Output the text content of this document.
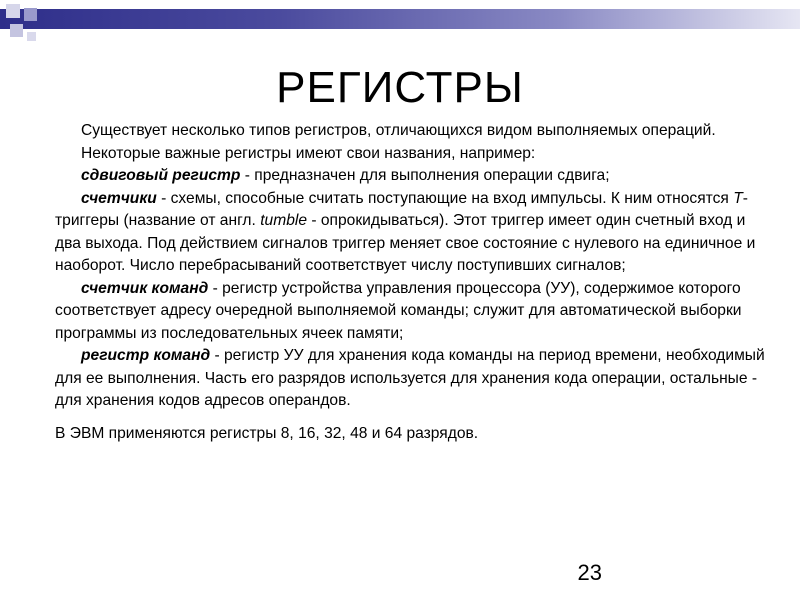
РЕГИСТРЫ

Существует несколько типов регистров, отличающихся видом выполняемых операций.

Некоторые важные регистры имеют свои названия, например:

сдвиговый регистр - предназначен для выполнения операции сдвига;

счетчики - схемы, способные считать поступающие на вход импульсы. К ним относятся Т-триггеры (название от англ. tumble - опрокидываться). Этот триггер имеет один счетный вход и два выхода. Под действием сигналов триггер меняет свое состояние с нулевого на единичное и наоборот. Число перебрасываний соответствует числу поступивших сигналов;

счетчик команд - регистр устройства управления процессора (УУ), содержимое которого соответствует адресу очередной выполняемой команды; служит для автоматической выборки программы из последовательных ячеек памяти;

регистр команд - регистр УУ для хранения кода команды на период времени, необходимый для ее выполнения. Часть его разрядов используется для хранения кода операции, остальные - для хранения кодов адресов операндов.

В ЭВМ применяются регистры 8, 16, 32, 48 и 64 разрядов.

23
